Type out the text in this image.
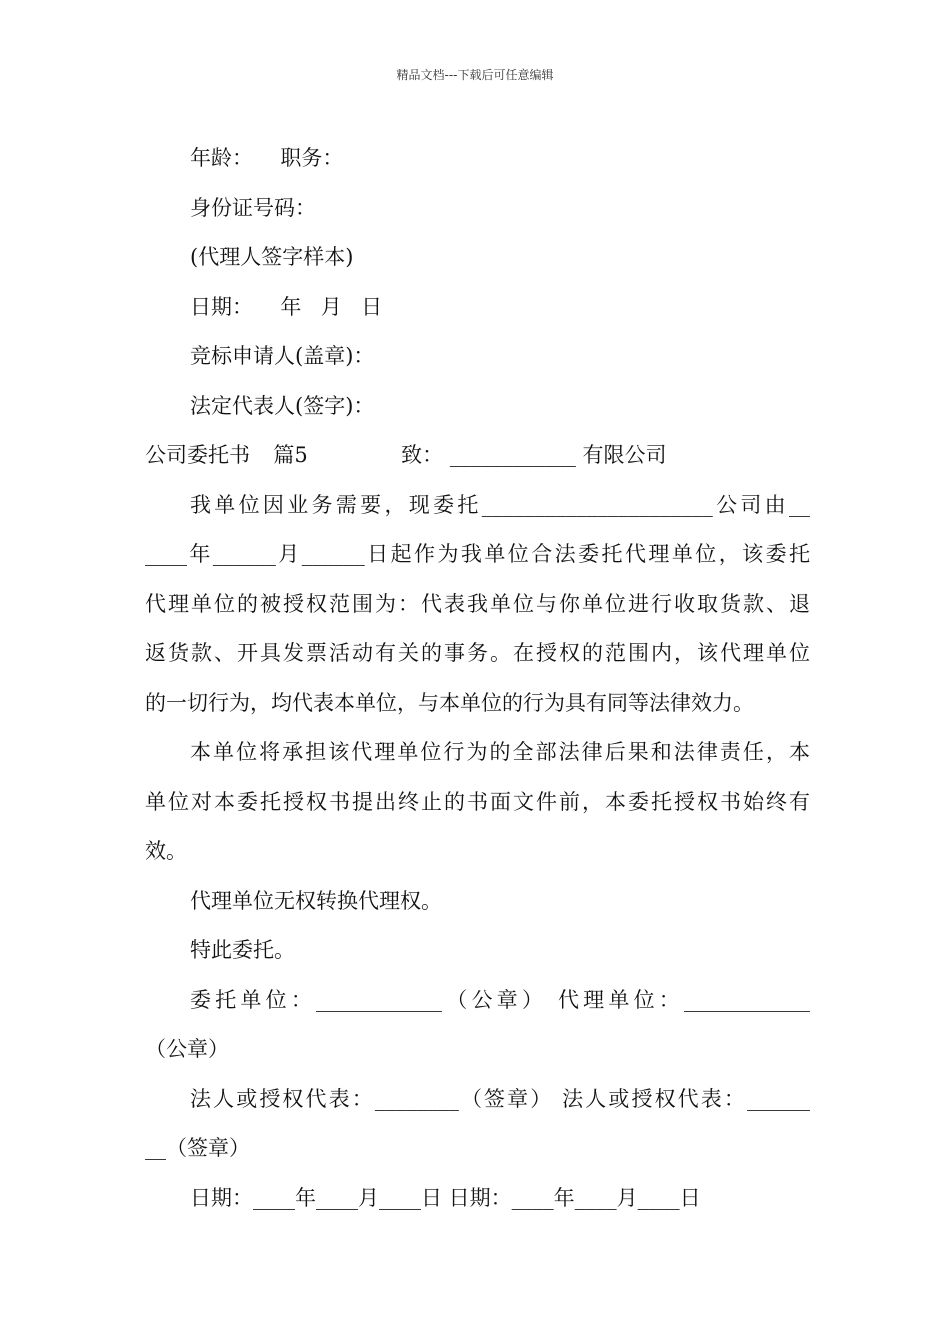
精品文档---下载后可任意编辑
年龄： 职务：
身份证号码：
(代理人签字样本)
日期： 年 月 日
竞标申请人(盖章)：
法定代表人(签字)：
公司委托书 篇5	致： ____________ 有限公司
我单位因业务需要，现委托______________________公司由__
____年______月______日起作为我单位合法委托代理单位，该委托
代理单位的被授权范围为：代表我单位与你单位进行收取货款、退
返货款、开具发票活动有关的事务。在授权的范围内，该代理单位
的一切行为，均代表本单位，与本单位的行为具有同等法律效力。
本单位将承担该代理单位行为的全部法律后果和法律责任，本
单位对本委托授权书提出终止的书面文件前，本委托授权书始终有
效。
代理单位无权转换代理权。
特此委托。
委托单位：____________（公章） 代理单位：____________
（公章）
法人或授权代表：________（签章） 法人或授权代表：______
__（签章）
日期：____年____月____日 日期：____年____月____日
